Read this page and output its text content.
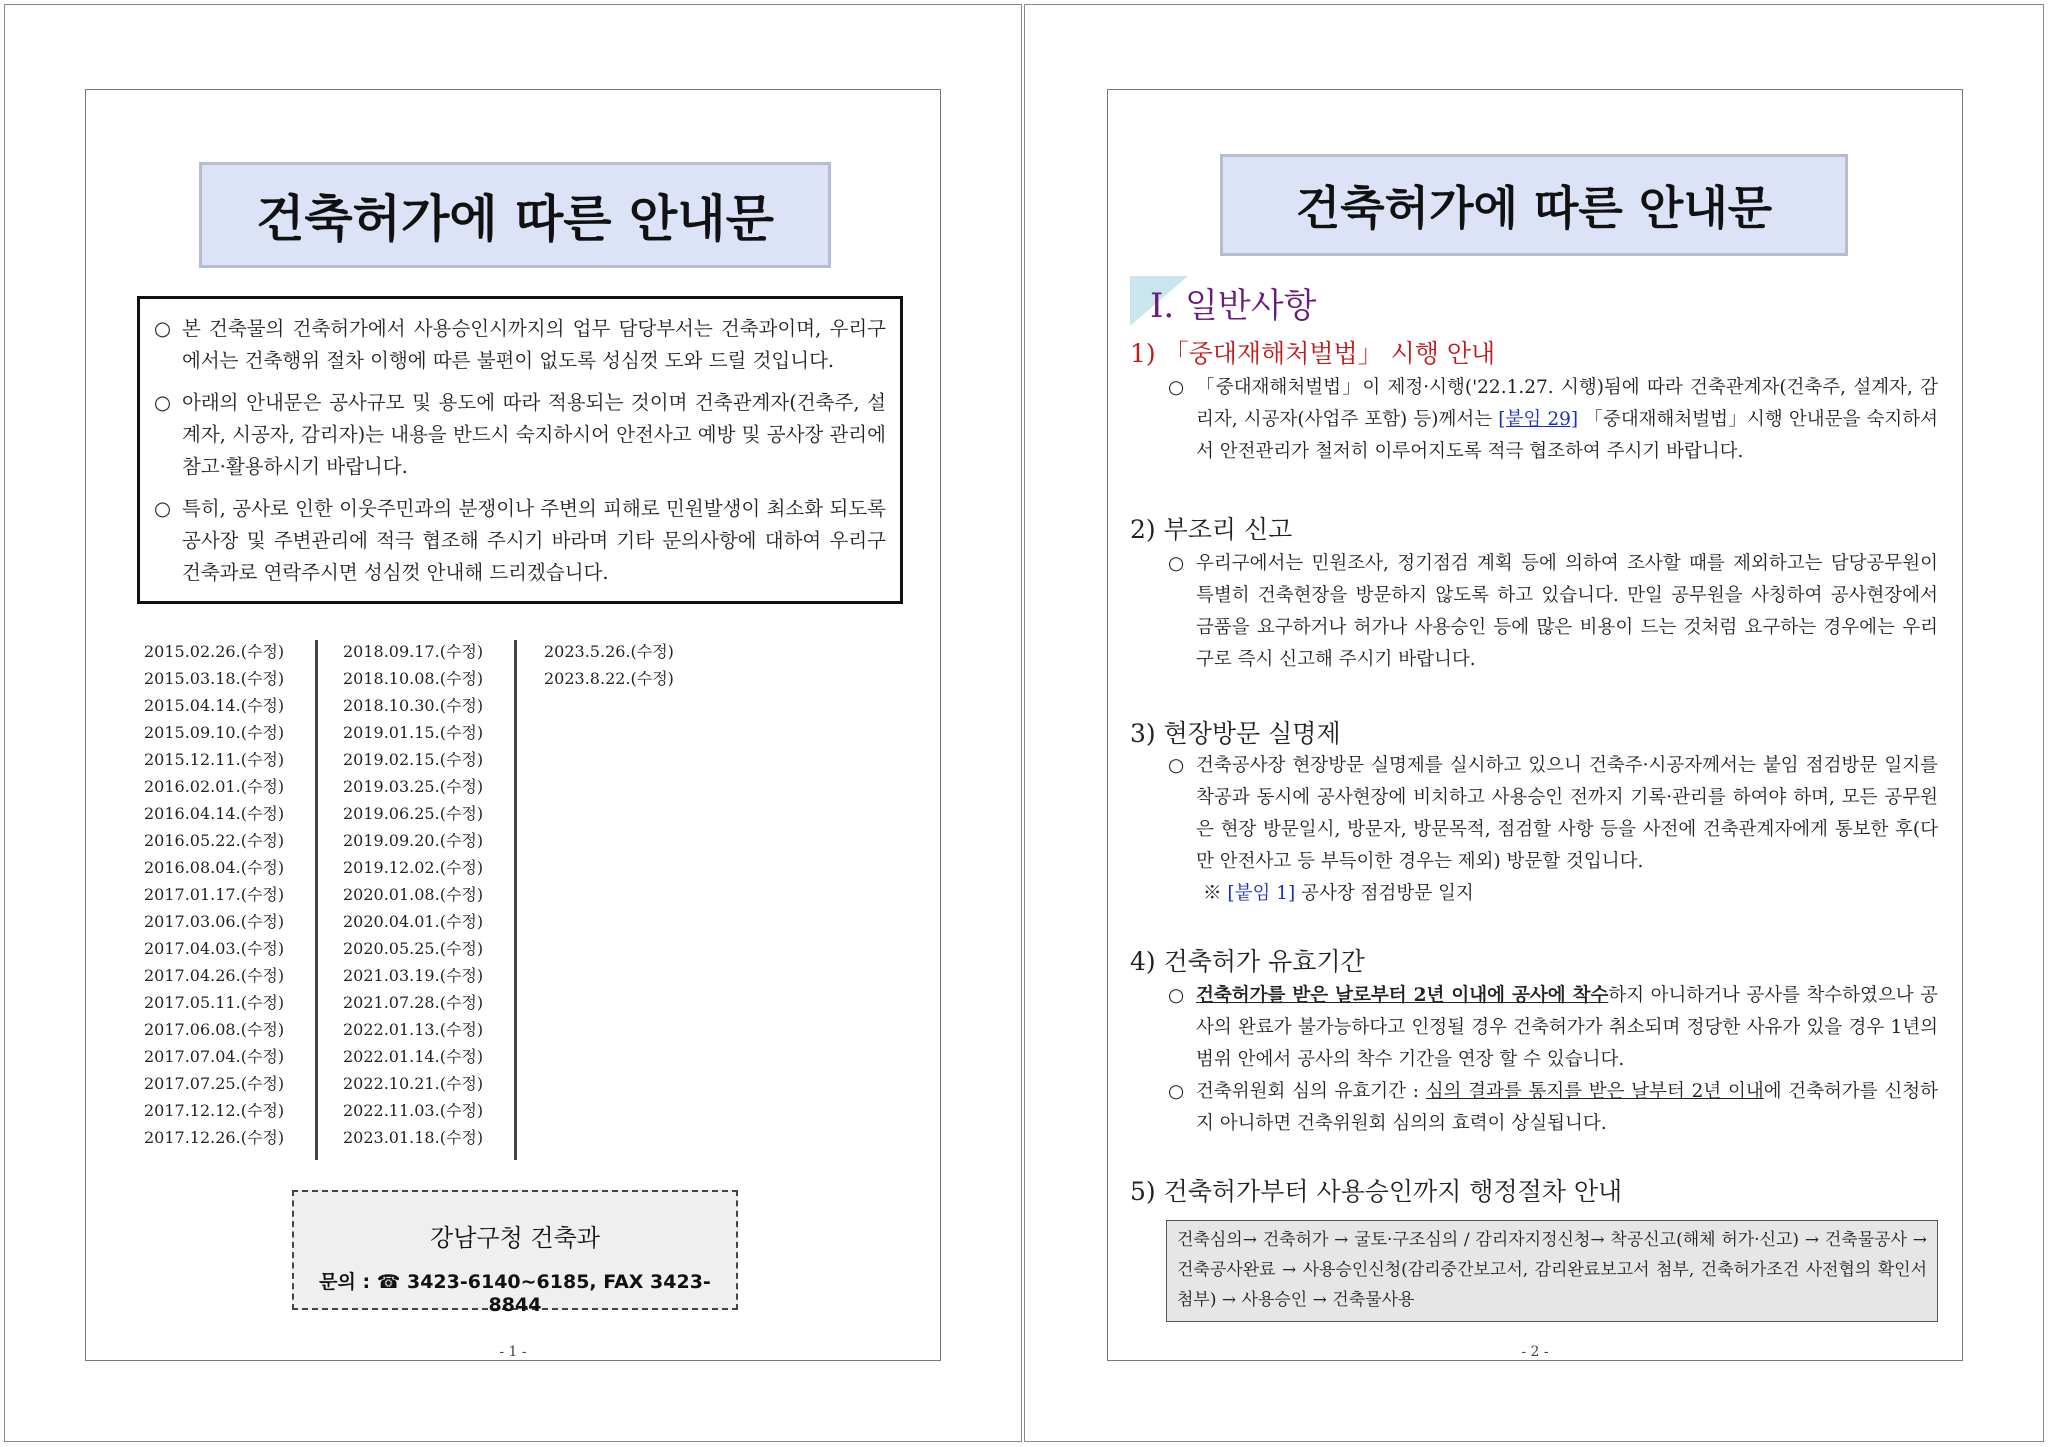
건축허가에 따른 안내문
○ 본 건축물의 건축허가에서 사용승인시까지의 업무 담당부서는 건축과이며, 우리구에서는 건축행위 절차 이행에 따른 불편이 없도록 성심껏 도와 드릴 것입니다.
○ 아래의 안내문은 공사규모 및 용도에 따라 적용되는 것이며 건축관계자(건축주, 설계자, 시공자, 감리자)는 내용을 반드시 숙지하시어 안전사고 예방 및 공사장 관리에 참고·활용하시기 바랍니다.
○ 특히, 공사로 인한 이웃주민과의 분쟁이나 주변의 피해로 민원발생이 최소화 되도록 공사장 및 주변관리에 적극 협조해 주시기 바라며 기타 문의사항에 대하여 우리구 건축과로 연락주시면 성심껏 안내해 드리겠습니다.
2015.02.26.(수정)
2015.03.18.(수정)
2015.04.14.(수정)
2015.09.10.(수정)
2015.12.11.(수정)
2016.02.01.(수정)
2016.04.14.(수정)
2016.05.22.(수정)
2016.08.04.(수정)
2017.01.17.(수정)
2017.03.06.(수정)
2017.04.03.(수정)
2017.04.26.(수정)
2017.05.11.(수정)
2017.06.08.(수정)
2017.07.04.(수정)
2017.07.25.(수정)
2017.12.12.(수정)
2017.12.26.(수정)
2018.09.17.(수정)
2018.10.08.(수정)
2018.10.30.(수정)
2019.01.15.(수정)
2019.02.15.(수정)
2019.03.25.(수정)
2019.06.25.(수정)
2019.09.20.(수정)
2019.12.02.(수정)
2020.01.08.(수정)
2020.04.01.(수정)
2020.05.25.(수정)
2021.03.19.(수정)
2021.07.28.(수정)
2022.01.13.(수정)
2022.01.14.(수정)
2022.10.21.(수정)
2022.11.03.(수정)
2023.01.18.(수정)
2023.5.26.(수정)
2023.8.22.(수정)
강남구청 건축과
문의 : ☎ 3423-6140∼6185, FAX 3423-8844
- 1 -
건축허가에 따른 안내문
Ⅰ. 일반사항
1) 「중대재해처벌법」 시행 안내
○ 「중대재해처벌법」이 제정·시행('22.1.27. 시행)됨에 따라 건축관계자(건축주, 설계자, 감리자, 시공자(사업주 포함) 등)께서는 [붙임 29] 「중대재해처벌법」시행 안내문을 숙지하셔서 안전관리가 철저히 이루어지도록 적극 협조하여 주시기 바랍니다.
2) 부조리 신고
○ 우리구에서는 민원조사, 정기점검 계획 등에 의하여 조사할 때를 제외하고는 담당공무원이 특별히 건축현장을 방문하지 않도록 하고 있습니다. 만일 공무원을 사칭하여 공사현장에서 금품을 요구하거나 허가나 사용승인 등에 많은 비용이 드는 것처럼 요구하는 경우에는 우리구로 즉시 신고해 주시기 바랍니다.
3) 현장방문 실명제
○ 건축공사장 현장방문 실명제를 실시하고 있으니 건축주·시공자께서는 붙임 점검방문 일지를 착공과 동시에 공사현장에 비치하고 사용승인 전까지 기록·관리를 하여야 하며, 모든 공무원은 현장 방문일시, 방문자, 방문목적, 점검할 사항 등을 사전에 건축관계자에게 통보한 후(다만 안전사고 등 부득이한 경우는 제외) 방문할 것입니다.
※ [붙임 1] 공사장 점검방문 일지
4) 건축허가 유효기간
○ 건축허가를 받은 날로부터 2년 이내에 공사에 착수하지 아니하거나 공사를 착수하였으나 공사의 완료가 불가능하다고 인정될 경우 건축허가가 취소되며 정당한 사유가 있을 경우 1년의 범위 안에서 공사의 착수 기간을 연장 할 수 있습니다.
○ 건축위원회 심의 유효기간 : 심의 결과를 통지를 받은 날부터 2년 이내에 건축허가를 신청하지 아니하면 건축위원회 심의의 효력이 상실됩니다.
5) 건축허가부터 사용승인까지 행정절차 안내
건축심의→ 건축허가 → 굴토·구조심의 / 감리자지정신청→ 착공신고(해체 허가·신고) → 건축물공사 → 건축공사완료 → 사용승인신청(감리중간보고서, 감리완료보고서 첨부, 건축허가조건 사전협의 확인서 첨부) → 사용승인 → 건축물사용
- 2 -
